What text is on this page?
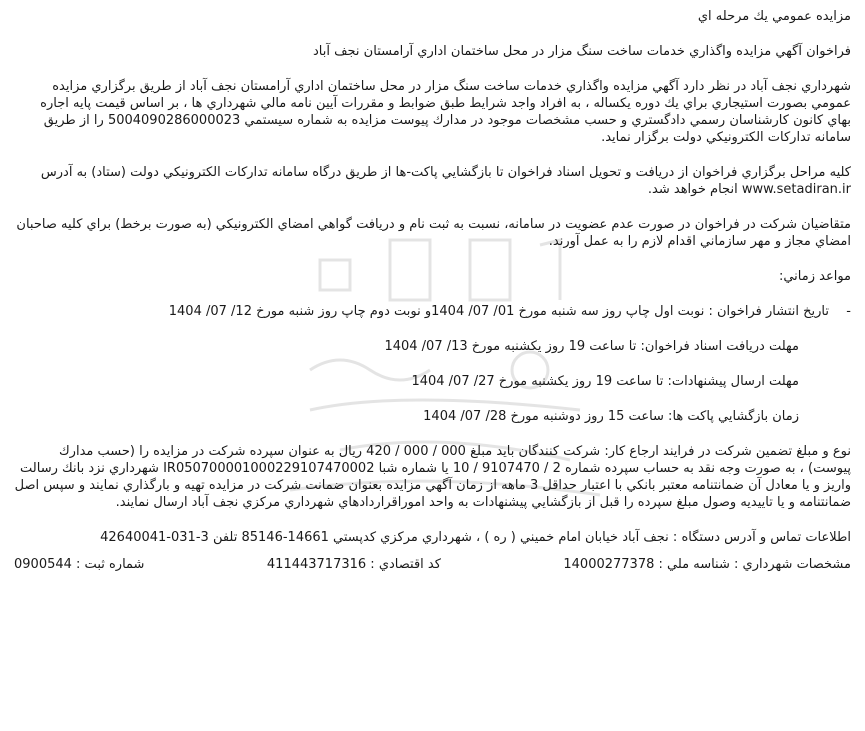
مزايده عمومي يك مرحله اي

فراخوان آگهي مزايده واگذاري خدمات ساخت سنگ مزار در محل ساختمان اداري آرامستان نجف آباد

شهرداري نجف آباد در نظر دارد آگهي مزايده واگذاري خدمات ساخت سنگ مزار در محل ساختمان اداري آرامستان نجف آباد از طريق برگزاري مزايده عمومي بصورت استيجاري براي يك دوره يكساله ، به افراد واجد شرايط طبق ضوابط و مقررات آيين نامه مالي شهرداري ها ، بر اساس قيمت پايه اجاره بهاي كانون كارشناسان رسمي دادگستري و حسب مشخصات موجود در مدارك پيوست مزايده به شماره سيستمي 5004090286000023 را از طريق سامانه تداركات الكترونيكي دولت برگزار نمايد.

كليه مراحل برگزاري فراخوان از دريافت و تحويل اسناد فراخوان تا بازگشايي پاكت-ها از طريق درگاه سامانه تداركات الكترونيكي دولت (ستاد) به آدرس www.setadiran.ir انجام خواهد شد.

متقاضيان شركت در فراخوان در صورت عدم عضويت در سامانه، نسبت به ثبت نام و دريافت گواهي امضاي الكترونيكي (به صورت برخط) براي كليه صاحبان امضاي مجاز و مهر سازماني اقدام لازم را به عمل آورند.

مواعد زماني:

- تاريخ انتشار فراخوان : نوبت اول چاپ روز سه شنبه مورخ 01/ 07/ 1404و نوبت دوم چاپ روز شنبه مورخ 12/ 07/ 1404
مهلت دريافت اسناد فراخوان: تا ساعت 19 روز يكشنبه مورخ 13/ 07/ 1404
مهلت ارسال پيشنهادات: تا ساعت 19 روز يكشنبه مورخ 27/ 07/ 1404
زمان بازگشايي پاكت ها: ساعت 15 روز دوشنبه مورخ 28/ 07/ 1404

نوع و مبلغ تضمين شركت در فرايند ارجاع كار: شركت كنندگان بايد مبلغ 000 / 000 / 420 ريال به عنوان سپرده شركت در مزايده را (حسب مدارك پيوست) ، به صورت وجه نقد به حساب سپرده شماره 2 / 9107470 / 10 يا شماره شبا IR050700001000229107470002 شهرداري نزد بانك رسالت واريز و يا معادل آن ضمانتنامه معتبر بانكي با اعتبار حداقل 3 ماهه از زمان آگهي مزايده بعنوان ضمانت شركت در مزايده تهيه و بارگذاري نمايند و سپس اصل ضمانتنامه و يا تاييديه وصول مبلغ سپرده را قبل از بازگشايي پيشنهادات به واحد اموراقراردادهاي شهرداري مركزي نجف آباد ارسال نمايند.

اطلاعات تماس و آدرس دستگاه : نجف آباد خيابان امام خميني ( ره ) ، شهرداري مركزي كدپستي 14661-85146 تلفن 3-031-42640041

مشخصات شهرداري : شناسه ملي : 14000277378
كد اقتصادي : 411443717316
شماره ثبت : 0900544
